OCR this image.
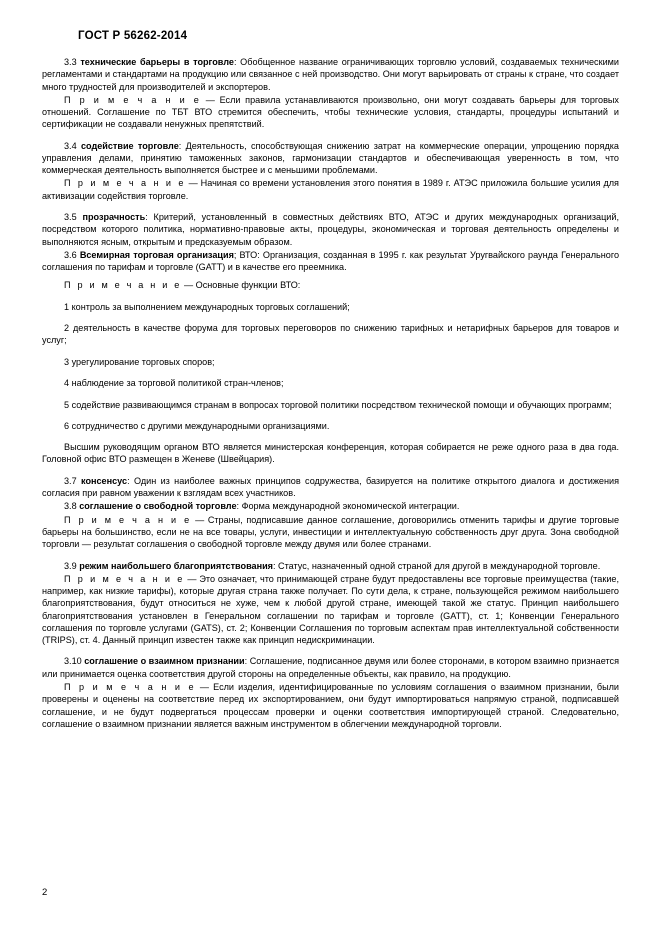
ГОСТ Р 56262-2014

3.3 технические барьеры в торговле: Обобщенное название ограничивающих торговлю условий, создаваемых техническими регламентами и стандартами на продукцию или связанное с ней производство. Они могут варьировать от страны к стране, что создает много трудностей для производителей и экспортеров.

П р и м е ч а н и е — Если правила устанавливаются произвольно, они могут создавать барьеры для торговых отношений. Соглашение по ТБТ ВТО стремится обеспечить, чтобы технические условия, стандарты, процедуры испытаний и сертификации не создавали ненужных препятствий.

3.4 содействие торговле: Деятельность, способствующая снижению затрат на коммерческие операции, упрощению порядка управления делами, принятию таможенных законов, гармонизации стандартов и обеспечивающая уверенность в том, что коммерческая деятельность выполняется быстрее и с меньшими проблемами.

П р и м е ч а н и е — Начиная со времени установления этого понятия в 1989 г. АТЭС приложила большие усилия для активизации содействия торговле.

3.5 прозрачность: Критерий, установленный в совместных действиях ВТО, АТЭС и других международных организаций, посредством которого политика, нормативно-правовые акты, процедуры, экономическая и торговая деятельность определены и выполняются ясным, открытым и предсказуемым образом.

3.6 Всемирная торговая организация; ВТО: Организация, созданная в 1995 г. как результат Уругвайского раунда Генерального соглашения по тарифам и торговле (GATT) и в качестве его преемника.

П р и м е ч а н и е — Основные функции ВТО:

1 контроль за выполнением международных торговых соглашений;

2 деятельность в качестве форума для торговых переговоров по снижению тарифных и нетарифных барьеров для товаров и услуг;

3 урегулирование торговых споров;

4 наблюдение за торговой политикой стран-членов;

5 содействие развивающимся странам в вопросах торговой политики посредством технической помощи и обучающих программ;

6 сотрудничество с другими международными организациями.

Высшим руководящим органом ВТО является министерская конференция, которая собирается не реже одного раза в два года. Головной офис ВТО размещен в Женеве (Швейцария).

3.7 консенсус: Один из наиболее важных принципов содружества, базируется на политике открытого диалога и достижения согласия при равном уважении к взглядам всех участников.

3.8 соглашение о свободной торговле: Форма международной экономической интеграции.

П р и м е ч а н и е — Страны, подписавшие данное соглашение, договорились отменить тарифы и другие торговые барьеры на большинство, если не на все товары, услуги, инвестиции и интеллектуальную собственность друг друга. Зона свободной торговли — результат соглашения о свободной торговле между двумя или более странами.

3.9 режим наибольшего благоприятствования: Статус, назначенный одной страной для другой в международной торговле.

П р и м е ч а н и е — Это означает, что принимающей стране будут предоставлены все торговые преимущества (такие, например, как низкие тарифы), которые другая страна также получает. По сути дела, к стране, пользующейся режимом наибольшего благоприятствования, будут относиться не хуже, чем к любой другой стране, имеющей такой же статус. Принцип наибольшего благоприятствования установлен в Генеральном соглашении по тарифам и торговле (GATT), ст. 1; Конвенции Генерального соглашения по торговле услугами (GATS), ст. 2; Конвенции Соглашения по торговым аспектам прав интеллектуальной собственности (TRIPS), ст. 4. Данный принцип известен также как принцип недискриминации.

3.10 соглашение о взаимном признании: Соглашение, подписанное двумя или более сторонами, в котором взаимно признается или принимается оценка соответствия другой стороны на определенные объекты, как правило, на продукцию.

П р и м е ч а н и е — Если изделия, идентифицированные по условиям соглашения о взаимном признании, были проверены и оценены на соответствие перед их экспортированием, они будут импортироваться напрямую страной, подписавшей соглашение, и не будут подвергаться процессам проверки и оценки соответствия импортирующей страной. Следовательно, соглашение о взаимном признании является важным инструментом в облегчении международной торговли.

2
